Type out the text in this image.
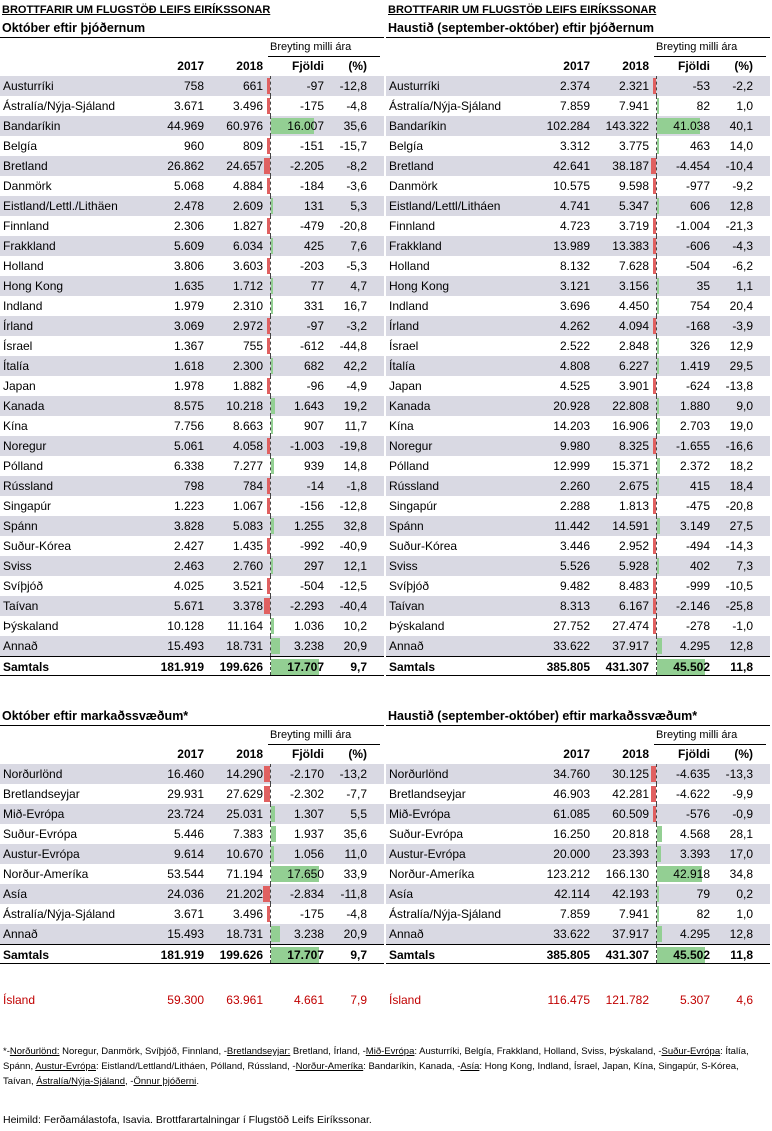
BROTTFARIR UM FLUGSTÖÐ LEIFS EIRÍKSSONAR
Október eftir þjóðernum
Breyting milli ára
2017	2018	Fjöldi	(%)
Austurríki	758	661	-97	-12,8
Ástralía/Nýja-Sjáland	3.671	3.496	-175	-4,8
Bandaríkin	44.969	60.976	16.007	35,6
Belgía	960	809	-151	-15,7
Bretland	26.862	24.657	-2.205	-8,2
Danmörk	5.068	4.884	-184	-3,6
Eistland/Lettl./Lithäen	2.478	2.609	131	5,3
Finnland	2.306	1.827	-479	-20,8
Frakkland	5.609	6.034	425	7,6
Holland	3.806	3.603	-203	-5,3
Hong Kong	1.635	1.712	77	4,7
Indland	1.979	2.310	331	16,7
Írland	3.069	2.972	-97	-3,2
Ísrael	1.367	755	-612	-44,8
Ítalía	1.618	2.300	682	42,2
Japan	1.978	1.882	-96	-4,9
Kanada	8.575	10.218	1.643	19,2
Kína	7.756	8.663	907	11,7
Noregur	5.061	4.058	-1.003	-19,8
Pólland	6.338	7.277	939	14,8
Rússland	798	784	-14	-1,8
Singapúr	1.223	1.067	-156	-12,8
Spánn	3.828	5.083	1.255	32,8
Suður-Kórea	2.427	1.435	-992	-40,9
Sviss	2.463	2.760	297	12,1
Svíþjóð	4.025	3.521	-504	-12,5
Taívan	5.671	3.378	-2.293	-40,4
Þýskaland	10.128	11.164	1.036	10,2
Annað	15.493	18.731	3.238	20,9
Samtals	181.919	199.626	17.707	9,7
BROTTFARIR UM FLUGSTÖÐ LEIFS EIRÍKSSONAR
Haustið (september-október) eftir þjóðernum
Breyting milli ára
2017	2018	Fjöldi	(%)
Austurríki	2.374	2.321	-53	-2,2
Ástralía/Nýja-Sjáland	7.859	7.941	82	1,0
Bandaríkin	102.284	143.322	41.038	40,1
Belgía	3.312	3.775	463	14,0
Bretland	42.641	38.187	-4.454	-10,4
Danmörk	10.575	9.598	-977	-9,2
Eistland/Lettl/Litháen	4.741	5.347	606	12,8
Finnland	4.723	3.719	-1.004	-21,3
Frakkland	13.989	13.383	-606	-4,3
Holland	8.132	7.628	-504	-6,2
Hong Kong	3.121	3.156	35	1,1
Indland	3.696	4.450	754	20,4
Írland	4.262	4.094	-168	-3,9
Ísrael	2.522	2.848	326	12,9
Ítalía	4.808	6.227	1.419	29,5
Japan	4.525	3.901	-624	-13,8
Kanada	20.928	22.808	1.880	9,0
Kína	14.203	16.906	2.703	19,0
Noregur	9.980	8.325	-1.655	-16,6
Pólland	12.999	15.371	2.372	18,2
Rússland	2.260	2.675	415	18,4
Singapúr	2.288	1.813	-475	-20,8
Spánn	11.442	14.591	3.149	27,5
Suður-Kórea	3.446	2.952	-494	-14,3
Sviss	5.526	5.928	402	7,3
Svíþjóð	9.482	8.483	-999	-10,5
Taívan	8.313	6.167	-2.146	-25,8
Þýskaland	27.752	27.474	-278	-1,0
Annað	33.622	37.917	4.295	12,8
Samtals	385.805	431.307	45.502	11,8
Október eftir markaðssvæðum*
Breyting milli ára
2017	2018	Fjöldi	(%)
Norðurlönd	16.460	14.290	-2.170	-13,2
Bretlandseyjar	29.931	27.629	-2.302	-7,7
Mið-Evrópa	23.724	25.031	1.307	5,5
Suður-Evrópa	5.446	7.383	1.937	35,6
Austur-Evrópa	9.614	10.670	1.056	11,0
Norður-Ameríka	53.544	71.194	17.650	33,9
Asía	24.036	21.202	-2.834	-11,8
Ástralía/Nýja-Sjáland	3.671	3.496	-175	-4,8
Annað	15.493	18.731	3.238	20,9
Samtals	181.919	199.626	17.707	9,7
Ísland	59.300	63.961	4.661	7,9
Haustið (september-október) eftir markaðssvæðum*
Breyting milli ára
2017	2018	Fjöldi	(%)
Norðurlönd	34.760	30.125	-4.635	-13,3
Bretlandseyjar	46.903	42.281	-4.622	-9,9
Mið-Evrópa	61.085	60.509	-576	-0,9
Suður-Evrópa	16.250	20.818	4.568	28,1
Austur-Evrópa	20.000	23.393	3.393	17,0
Norður-Ameríka	123.212	166.130	42.918	34,8
Asía	42.114	42.193	79	0,2
Ástralía/Nýja-Sjáland	7.859	7.941	82	1,0
Annað	33.622	37.917	4.295	12,8
Samtals	385.805	431.307	45.502	11,8
Ísland	116.475	121.782	5.307	4,6
*-Norðurlönd: Noregur, Danmörk, Svíþjóð, Finnland, -Bretlandseyjar: Bretland, Írland, -Mið-Evrópa: Austurríki, Belgía, Frakkland, Holland, Sviss, Þýskaland, -Suður-Evrópa: Ítalía, Spánn, Austur-Evrópa: Eistland/Lettland/Litháen, Pólland, Rússland, -Norður-Ameríka: Bandaríkin, Kanada, -Asía: Hong Kong, Indland, Ísrael, Japan, Kína, Singapúr, S-Kórea, Taívan, Ástralía/Nýja-Sjáland, -Önnur þjóðerni.
Heimild: Ferðamálastofa, Isavia. Brottfarartalningar í Flugstöð Leifs Eiríkssonar.
